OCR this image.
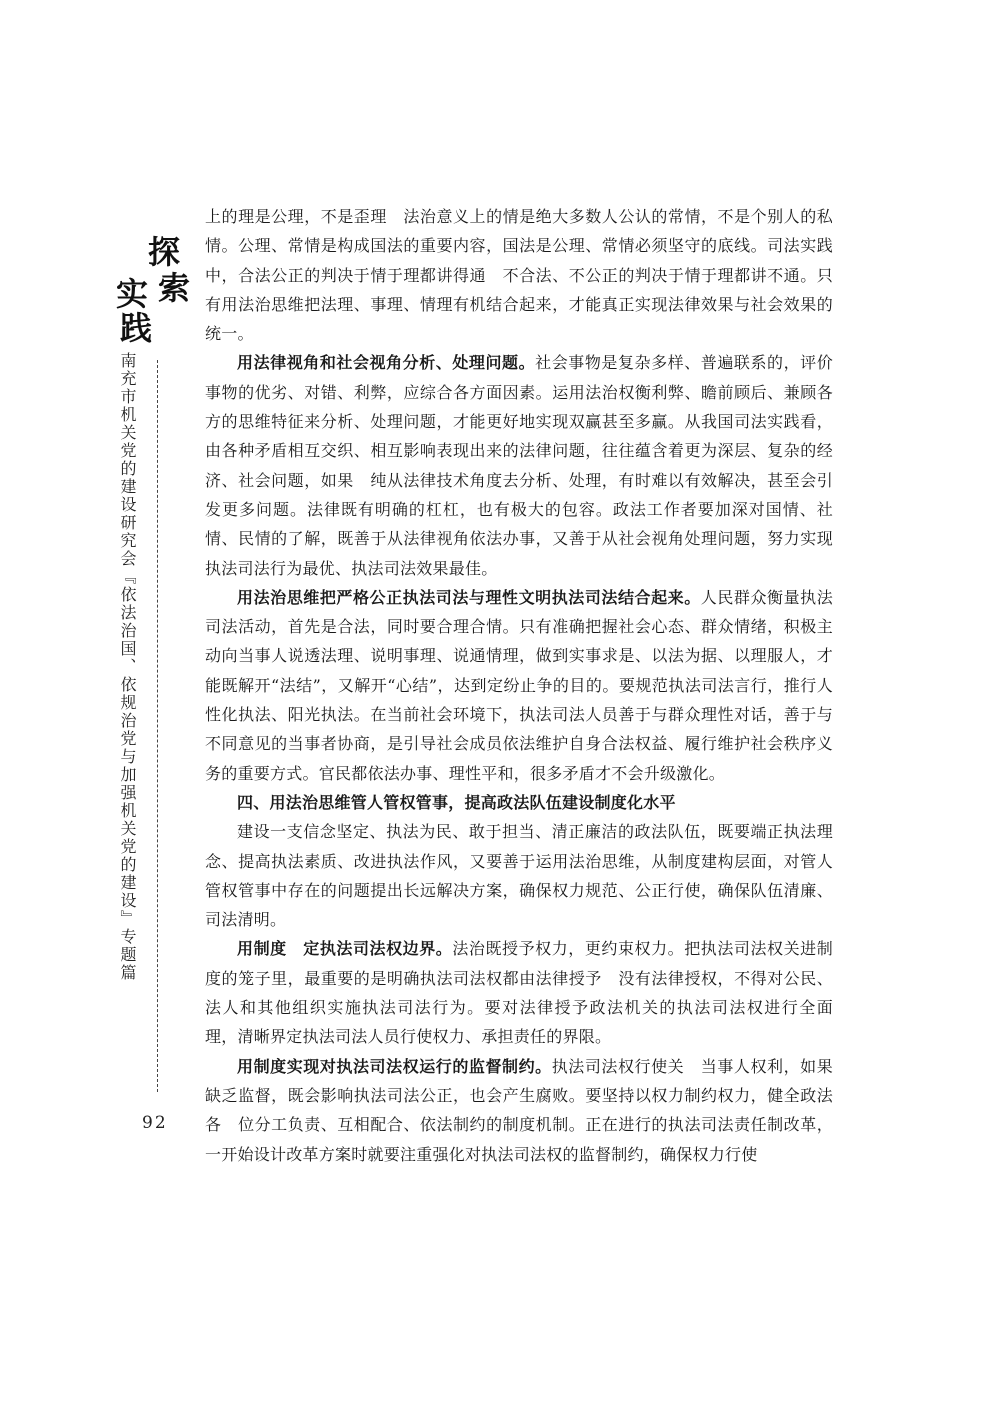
探
索
实
践
南充市机关党的建设研究会『依法治国、依规治党与加强机关党的建设』专题篇
92

上的理是公理，不是歪理　法治意义上的情是绝大多数人公认的常情，不是个别人的私情。公理、常情是构成国法的重要内容，国法是公理、常情必须坚守的底线。司法实践中，合法公正的判决于情于理都讲得通　不合法、不公正的判决于情于理都讲不通。只有用法治思维把法理、事理、情理有机结合起来，才能真正实现法律效果与社会效果的统一。

用法律视角和社会视角分析、处理问题。社会事物是复杂多样、普遍联系的，评价事物的优劣、对错、利弊，应综合各方面因素。运用法治权衡利弊、瞻前顾后、兼顾各方的思维特征来分析、处理问题，才能更好地实现双赢甚至多赢。从我国司法实践看，由各种矛盾相互交织、相互影响表现出来的法律问题，往往蕴含着更为深层、复杂的经济、社会问题，如果　纯从法律技术角度去分析、处理，有时难以有效解决，甚至会引发更多问题。法律既有明确的杠杠，也有极大的包容。政法工作者要加深对国情、社情、民情的了解，既善于从法律视角依法办事，又善于从社会视角处理问题，努力实现执法司法行为最优、执法司法效果最佳。

用法治思维把严格公正执法司法与理性文明执法司法结合起来。人民群众衡量执法司法活动，首先是合法，同时要合理合情。只有准确把握社会心态、群众情绪，积极主动向当事人说透法理、说明事理、说通情理，做到实事求是、以法为据、以理服人，才能既解开“法结”，又解开“心结”，达到定纷止争的目的。要规范执法司法言行，推行人性化执法、阳光执法。在当前社会环境下，执法司法人员善于与群众理性对话，善于与不同意见的当事者协商，是引导社会成员依法维护自身合法权益、履行维护社会秩序义务的重要方式。官民都依法办事、理性平和，很多矛盾才不会升级激化。

四、用法治思维管人管权管事，提高政法队伍建设制度化水平

建设一支信念坚定、执法为民、敢于担当、清正廉洁的政法队伍，既要端正执法理念、提高执法素质、改进执法作风，又要善于运用法治思维，从制度建构层面，对管人管权管事中存在的问题提出长远解决方案，确保权力规范、公正行使，确保队伍清廉、司法清明。

用制度　定执法司法权边界。法治既授予权力，更约束权力。把执法司法权关进制度的笼子里，最重要的是明确执法司法权都由法律授予　没有法律授权，不得对公民、法人和其他组织实施执法司法行为。要对法律授予政法机关的执法司法权进行全面　理，清晰界定执法司法人员行使权力、承担责任的界限。

用制度实现对执法司法权运行的监督制约。执法司法权行使关　当事人权利，如果缺乏监督，既会影响执法司法公正，也会产生腐败。要坚持以权力制约权力，健全政法各　位分工负责、互相配合、依法制约的制度机制。正在进行的执法司法责任制改革，一开始设计改革方案时就要注重强化对执法司法权的监督制约，确保权力行使
